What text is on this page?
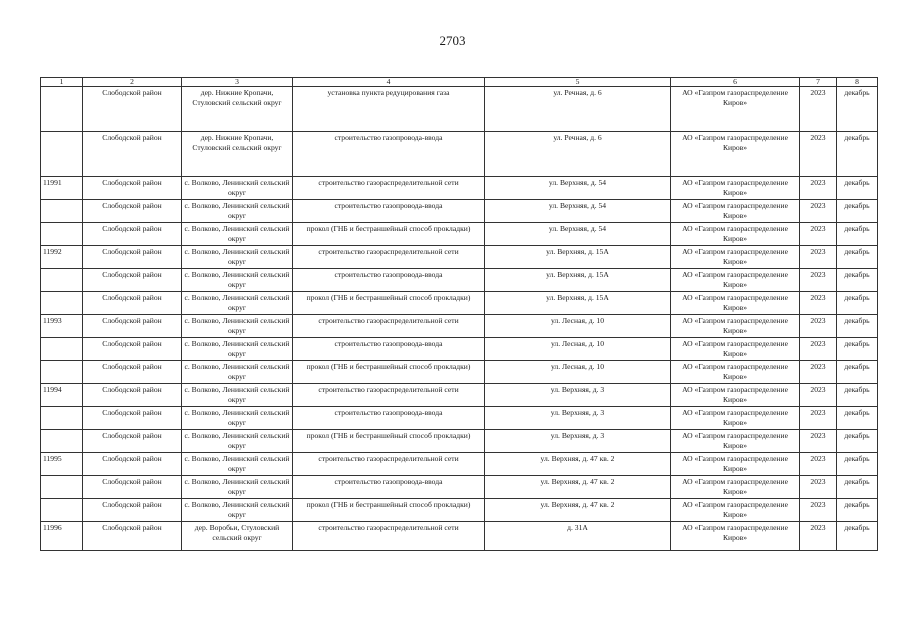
2703
1	2	3	4	5	6	7	8
	Слободской район	дер. Нижние Кропачи, Стуловский сельский округ	установка пункта редуцирования газа	ул. Речная, д. 6	АО «Газпром газораспределение Киров»	2023	декабрь
	Слободской район	дер. Нижние Кропачи, Стуловский сельский округ	строительство газопровода-ввода	ул. Речная, д. 6	АО «Газпром газораспределение Киров»	2023	декабрь
11991	Слободской район	с. Волково, Ленинский сельский округ	строительство газораспределительной сети	ул. Верхняя, д. 54	АО «Газпром газораспределение Киров»	2023	декабрь
	Слободской район	с. Волково, Ленинский сельский округ	строительство газопровода-ввода	ул. Верхняя, д. 54	АО «Газпром газораспределение Киров»	2023	декабрь
	Слободской район	с. Волково, Ленинский сельский округ	прокол (ГНБ и бестраншейный способ прокладки)	ул. Верхняя, д. 54	АО «Газпром газораспределение Киров»	2023	декабрь
11992	Слободской район	с. Волково, Ленинский сельский округ	строительство газораспределительной сети	ул. Верхняя, д. 15А	АО «Газпром газораспределение Киров»	2023	декабрь
	Слободской район	с. Волково, Ленинский сельский округ	строительство газопровода-ввода	ул. Верхняя, д. 15А	АО «Газпром газораспределение Киров»	2023	декабрь
	Слободской район	с. Волково, Ленинский сельский округ	прокол (ГНБ и бестраншейный способ прокладки)	ул. Верхняя, д. 15А	АО «Газпром газораспределение Киров»	2023	декабрь
11993	Слободской район	с. Волково, Ленинский сельский округ	строительство газораспределительной сети	ул. Лесная, д. 10	АО «Газпром газораспределение Киров»	2023	декабрь
	Слободской район	с. Волково, Ленинский сельский округ	строительство газопровода-ввода	ул. Лесная, д. 10	АО «Газпром газораспределение Киров»	2023	декабрь
	Слободской район	с. Волково, Ленинский сельский округ	прокол (ГНБ и бестраншейный способ прокладки)	ул. Лесная, д. 10	АО «Газпром газораспределение Киров»	2023	декабрь
11994	Слободской район	с. Волково, Ленинский сельский округ	строительство газораспределительной сети	ул. Верхняя, д. 3	АО «Газпром газораспределение Киров»	2023	декабрь
	Слободской район	с. Волково, Ленинский сельский округ	строительство газопровода-ввода	ул. Верхняя, д. 3	АО «Газпром газораспределение Киров»	2023	декабрь
	Слободской район	с. Волково, Ленинский сельский округ	прокол (ГНБ и бестраншейный способ прокладки)	ул. Верхняя, д. 3	АО «Газпром газораспределение Киров»	2023	декабрь
11995	Слободской район	с. Волково, Ленинский сельский округ	строительство газораспределительной сети	ул. Верхняя, д. 47 кв. 2	АО «Газпром газораспределение Киров»	2023	декабрь
	Слободской район	с. Волково, Ленинский сельский округ	строительство газопровода-ввода	ул. Верхняя, д. 47 кв. 2	АО «Газпром газораспределение Киров»	2023	декабрь
	Слободской район	с. Волково, Ленинский сельский округ	прокол (ГНБ и бестраншейный способ прокладки)	ул. Верхняя, д. 47 кв. 2	АО «Газпром газораспределение Киров»	2023	декабрь
11996	Слободской район	дер. Воробьи, Стуловский сельский округ	строительство газораспределительной сети	д. 31А	АО «Газпром газораспределение Киров»	2023	декабрь
